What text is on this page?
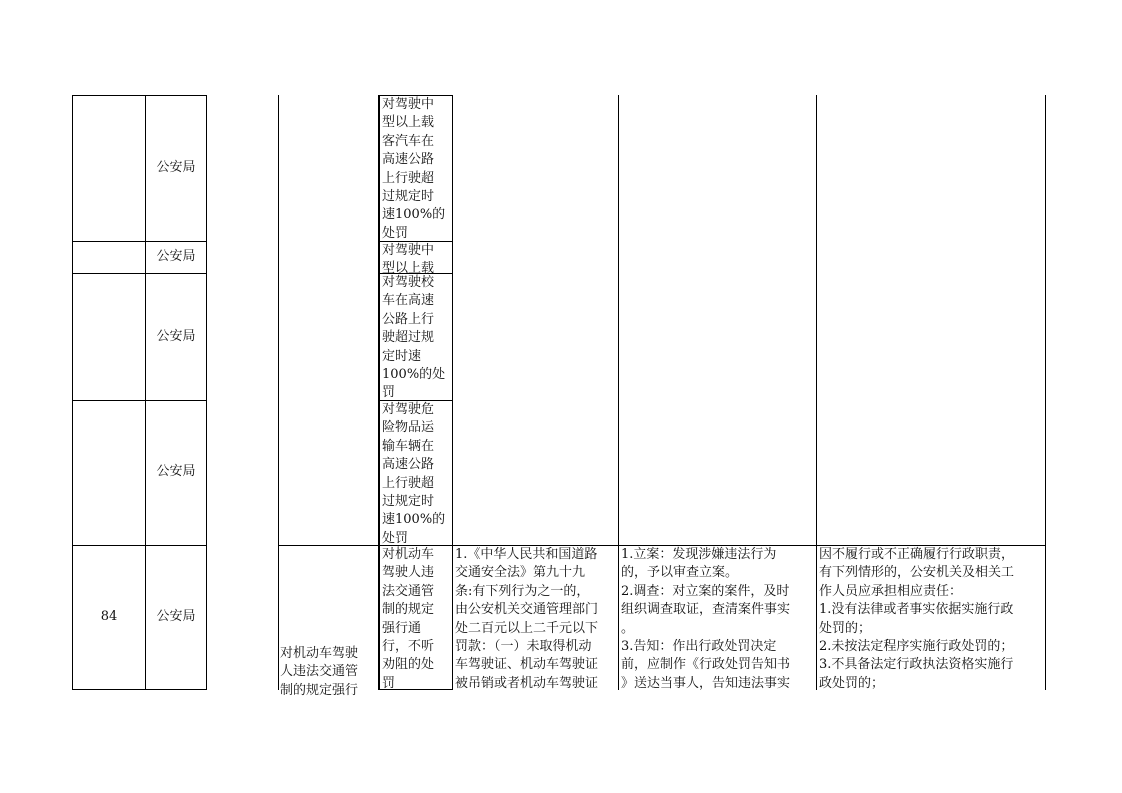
公安局
对驾驶中
型以上载
客汽车在
高速公路
上行驶超
过规定时
速100%的
处罚
公安局	对驾驶中
型以上载
公安局
对驾驶校
车在高速
公路上行
驶超过规
定时速
100%的处
罚
公安局
对驾驶危
险物品运
输车辆在
高速公路
上行驶超
过规定时
速100%的
处罚
84	公安局
对机动车驾驶
人违法交通管
制的规定强行
对机动车
驾驶人违
法交通管
制的规定
强行通
行，不听
劝阻的处
罚
1.《中华人民共和国道路
交通安全法》第九十九
条:有下列行为之一的，
由公安机关交通管理部门
处二百元以上二千元以下
罚款：（一）未取得机动
车驾驶证、机动车驾驶证
被吊销或者机动车驾驶证
1.立案：发现涉嫌违法行为
的，予以审查立案。
2.调查：对立案的案件，及时
组织调查取证，查清案件事实
。
3.告知：作出行政处罚决定
前，应制作《行政处罚告知书
》送达当事人，告知违法事实
因不履行或不正确履行行政职责，
有下列情形的，公安机关及相关工
作人员应承担相应责任：
1.没有法律或者事实依据实施行政
处罚的；
2.未按法定程序实施行政处罚的；
3.不具备法定行政执法资格实施行
政处罚的；
